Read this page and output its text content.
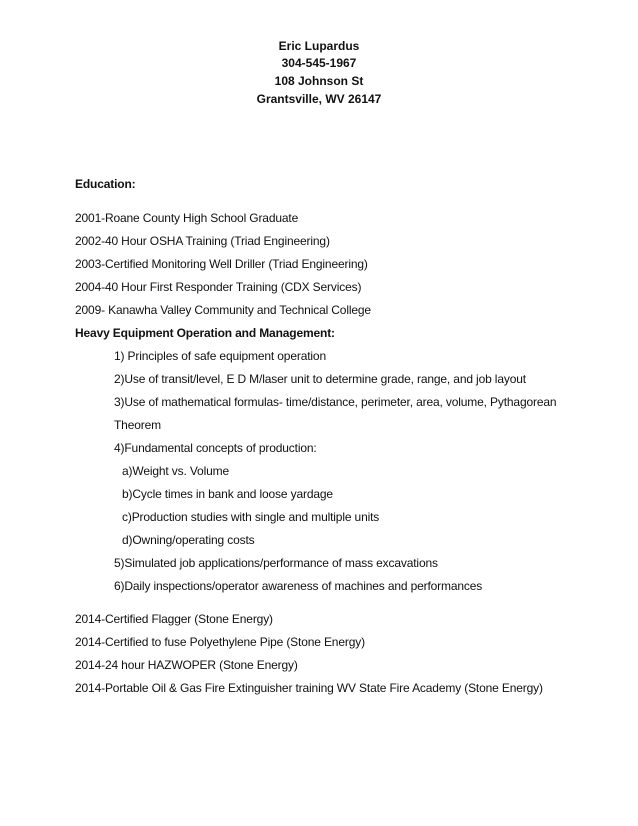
Eric Lupardus
304-545-1967
108 Johnson St
Grantsville, WV 26147
Education:
2001-Roane County High School Graduate
2002-40 Hour OSHA Training (Triad Engineering)
2003-Certified Monitoring Well Driller (Triad Engineering)
2004-40 Hour First Responder Training (CDX Services)
2009- Kanawha Valley Community and Technical College
Heavy Equipment Operation and Management:
1) Principles of safe equipment operation
2)Use of transit/level, E D M/laser unit to determine grade, range, and job layout
3)Use of mathematical formulas- time/distance, perimeter, area, volume, Pythagorean
Theorem
4)Fundamental concepts of production:
a)Weight vs. Volume
b)Cycle times in bank and loose yardage
c)Production studies with single and multiple units
d)Owning/operating costs
5)Simulated job applications/performance of mass excavations
6)Daily inspections/operator awareness of machines and performances
2014-Certified Flagger (Stone Energy)
2014-Certified to fuse Polyethylene Pipe (Stone Energy)
2014-24 hour HAZWOPER (Stone Energy)
2014-Portable Oil & Gas Fire Extinguisher training WV State Fire Academy (Stone Energy)
